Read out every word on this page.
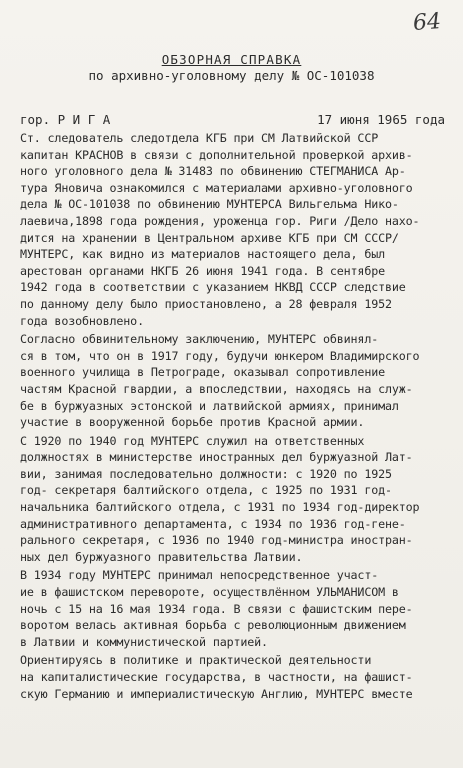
64
ОБЗОРНАЯ СПРАВКА
по архивно-уголовному делу № ОС-101038
гор. Р И Г А	17 июня 1965 года
Ст. следователь следотдела КГБ при СМ Латвийской ССР
капитан КРАСНОВ в связи с дополнительной проверкой архив-
ного уголовного дела № 31483 по обвинению СТЕГМАНИСА Ар-
тура Яновича ознакомился с материалами архивно-уголовного
дела № ОС-101038 по обвинению МУНТЕРСА Вильгельма Нико-
лаевича,1898 года рождения, уроженца гор. Риги /Дело нахо-
дится на хранении в Центральном архиве КГБ при СМ СССР/
МУНТЕРС, как видно из материалов настоящего дела, был
арестован органами НКГБ 26 июня 1941 года. В сентябре
1942 года в соответствии с указанием НКВД СССР следствие
по данному делу было приостановлено, а 28 февраля 1952
года возобновлено.
Согласно обвинительному заключению, МУНТЕРС обвинял-
ся в том, что он в 1917 году, будучи юнкером Владимирского
военного училища в Петрограде, оказывал сопротивление
частям Красной гвардии, а впоследствии, находясь на служ-
бе в буржуазных эстонской и латвийской армиях, принимал
участие в вооруженной борьбе против Красной армии.
С 1920 по 1940 год МУНТЕРС служил на ответственных
должностях в министерстве иностранных дел буржуазной Лат-
вии, занимая последовательно должности: с 1920 по 1925
год- секретаря балтийского отдела, с 1925 по 1931 год-
начальника балтийского отдела, с 1931 по 1934 год-директор
административного департамента, с 1934 по 1936 год-гене-
рального секретаря, с 1936 по 1940 год-министра иностран-
ных дел буржуазного правительства Латвии.
В 1934 году МУНТЕРС принимал непосредственное участ-
ие в фашистском перевороте, осуществлённом УЛЬМАНИСОМ в
ночь с 15 на 16 мая 1934 года. В связи с фашистским пере-
воротом велась активная борьба с революционным движением
в Латвии и коммунистической партией.
Ориентируясь в политике и практической деятельности
на капиталистические государства, в частности, на фашист-
скую Германию и империалистическую Англию, МУНТЕРС вместе
